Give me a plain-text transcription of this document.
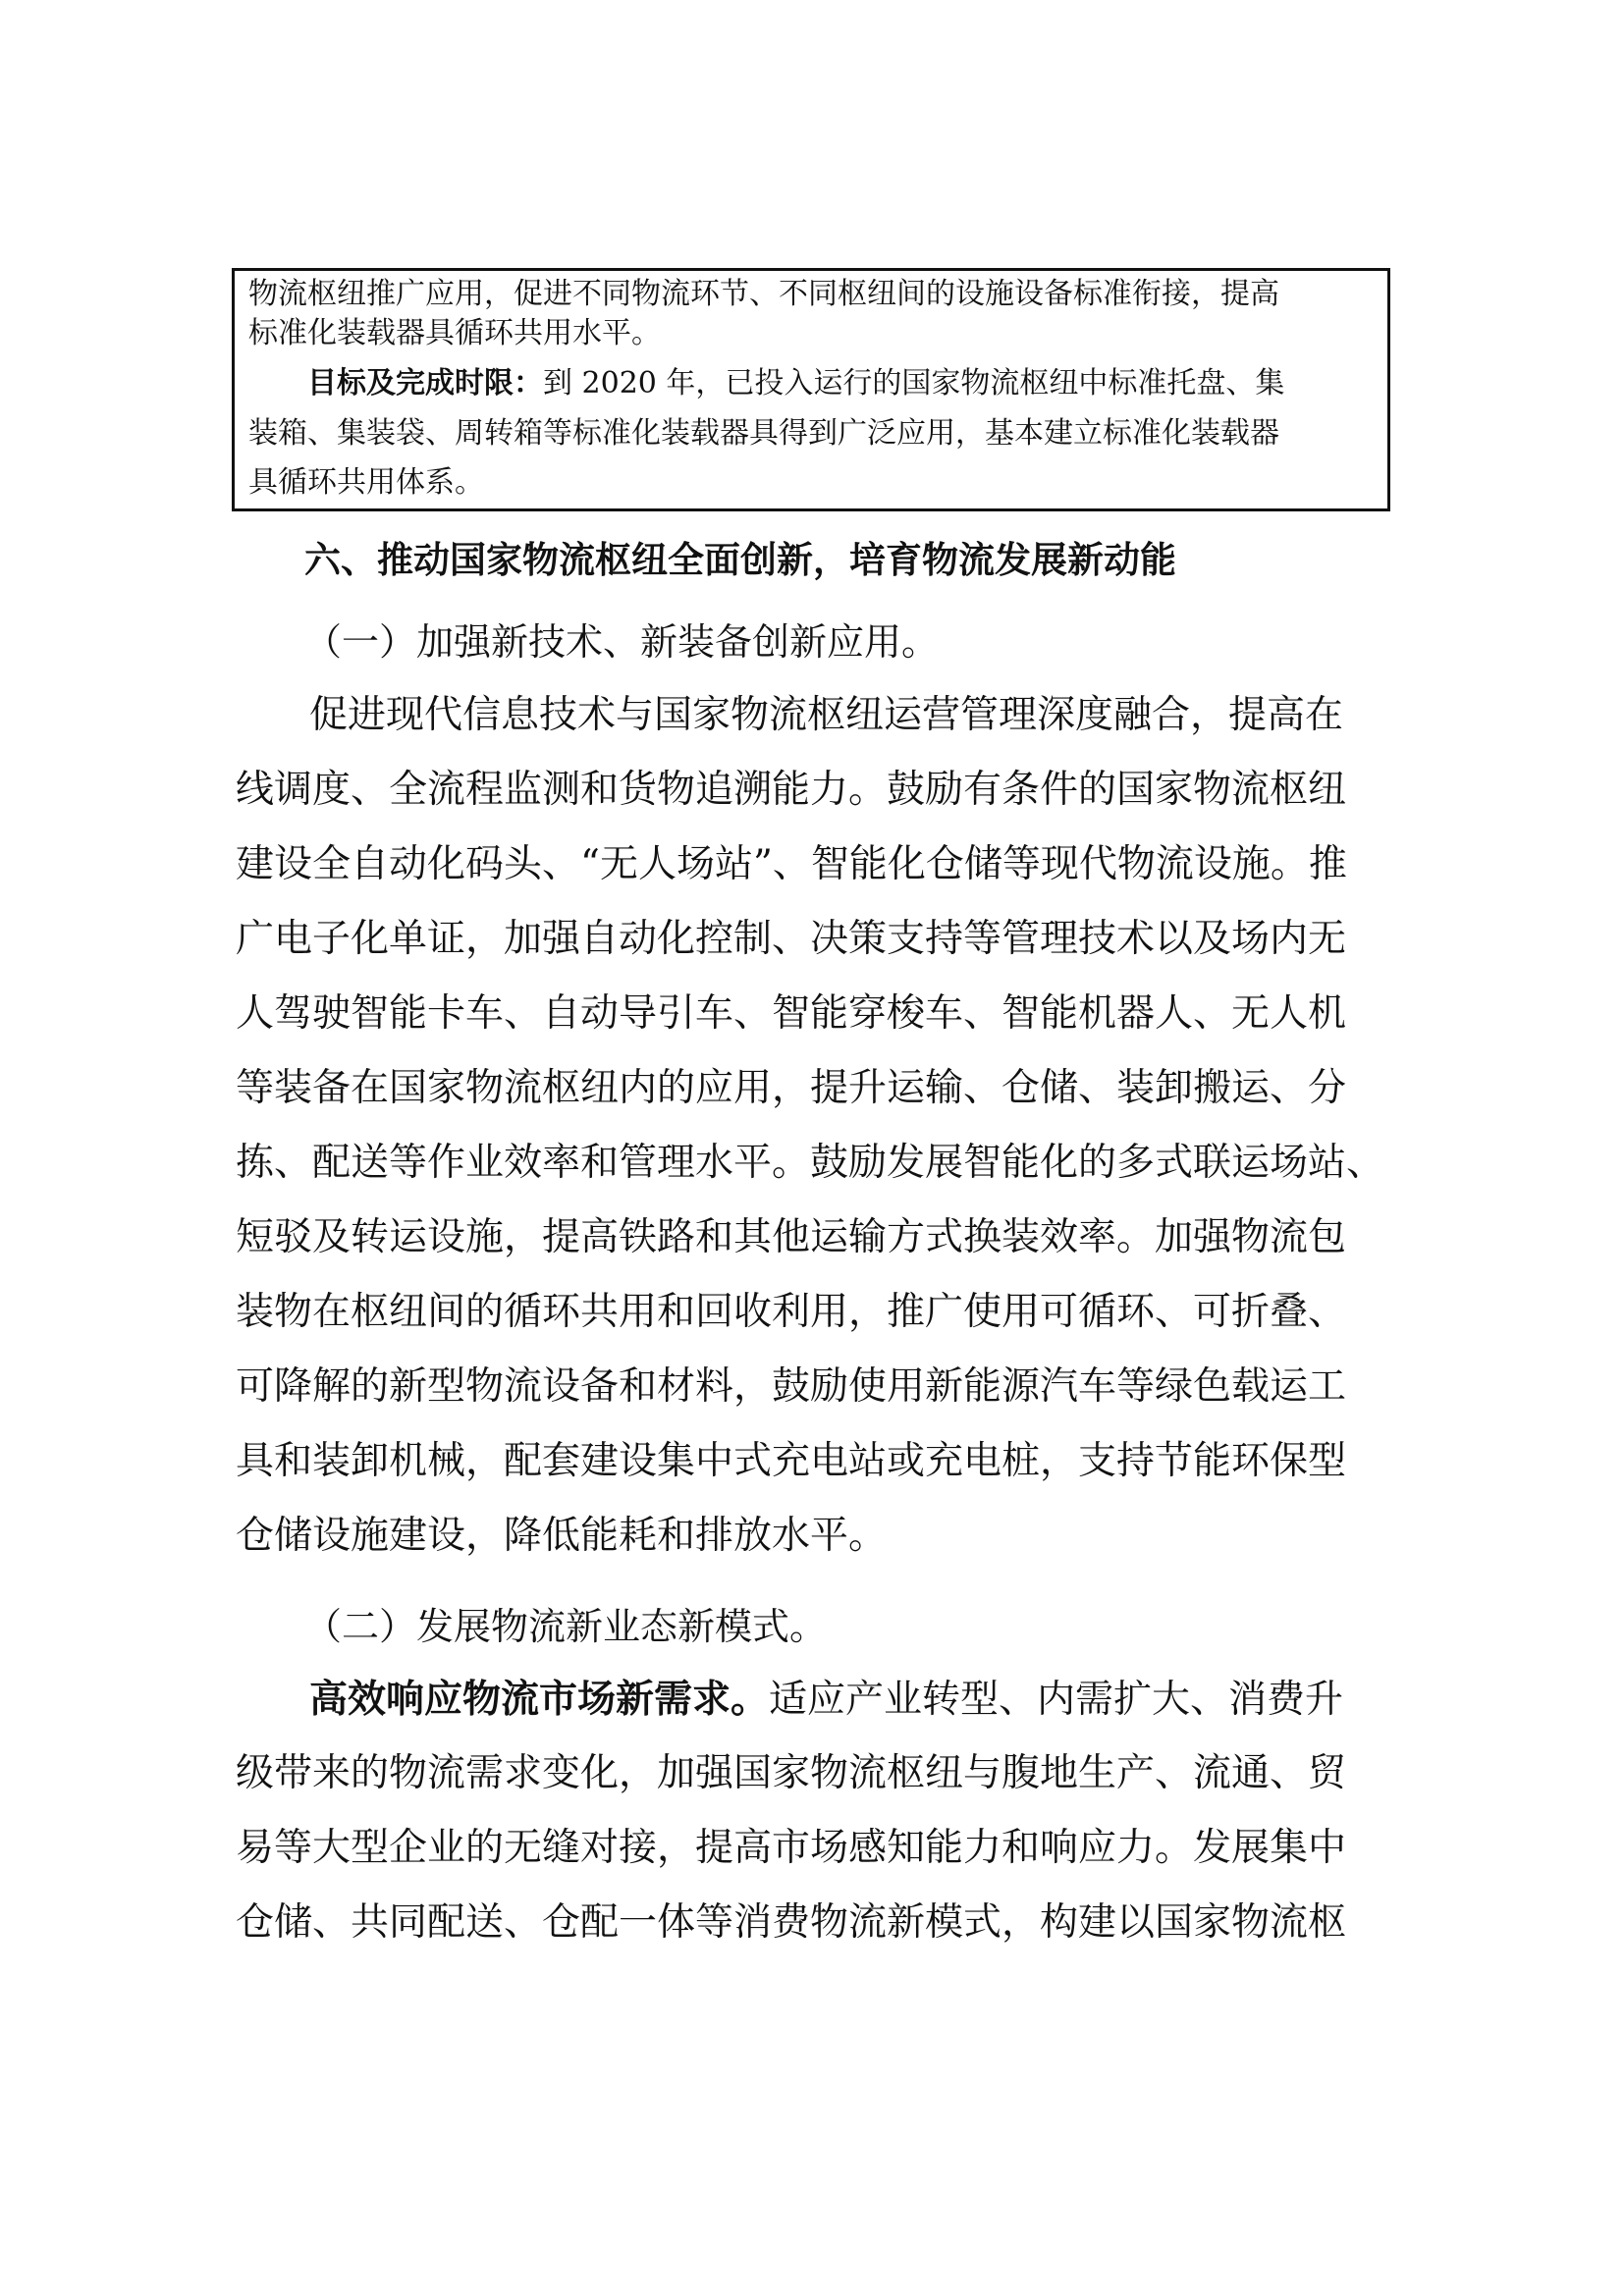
物流枢纽推广应用，促进不同物流环节、不同枢纽间的设施设备标准衔接，提高
标准化装载器具循环共用水平。
目标及完成时限：到 2020 年，已投入运行的国家物流枢纽中标准托盘、集
装箱、集装袋、周转箱等标准化装载器具得到广泛应用，基本建立标准化装载器
具循环共用体系。
六、推动国家物流枢纽全面创新，培育物流发展新动能
（一）加强新技术、新装备创新应用。
促进现代信息技术与国家物流枢纽运营管理深度融合，提高在
线调度、全流程监测和货物追溯能力。鼓励有条件的国家物流枢纽
建设全自动化码头、“无人场站”、智能化仓储等现代物流设施。推
广电子化单证，加强自动化控制、决策支持等管理技术以及场内无
人驾驶智能卡车、自动导引车、智能穿梭车、智能机器人、无人机
等装备在国家物流枢纽内的应用，提升运输、仓储、装卸搬运、分
拣、配送等作业效率和管理水平。鼓励发展智能化的多式联运场站、
短驳及转运设施，提高铁路和其他运输方式换装效率。加强物流包
装物在枢纽间的循环共用和回收利用，推广使用可循环、可折叠、
可降解的新型物流设备和材料，鼓励使用新能源汽车等绿色载运工
具和装卸机械，配套建设集中式充电站或充电桩，支持节能环保型
仓储设施建设，降低能耗和排放水平。
（二）发展物流新业态新模式。
高效响应物流市场新需求。适应产业转型、内需扩大、消费升
级带来的物流需求变化，加强国家物流枢纽与腹地生产、流通、贸
易等大型企业的无缝对接，提高市场感知能力和响应力。发展集中
仓储、共同配送、仓配一体等消费物流新模式，构建以国家物流枢
